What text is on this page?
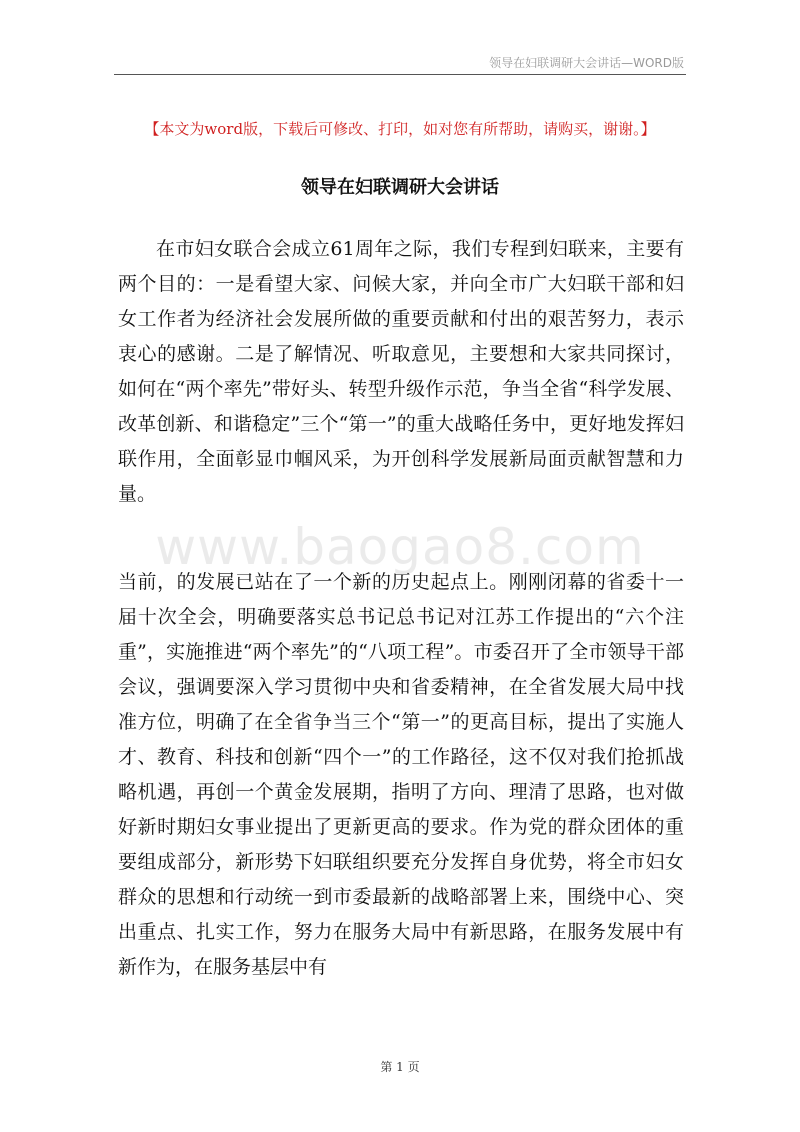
领导在妇联调研大会讲话—WORD版
【本文为word版，下载后可修改、打印，如对您有所帮助，请购买，谢谢。】
领导在妇联调研大会讲话
www.baogao8.com

在市妇女联合会成立61周年之际，我们专程到妇联来，主要有两个目的：一是看望大家、问候大家，并向全市广大妇联干部和妇女工作者为经济社会发展所做的重要贡献和付出的艰苦努力，表示衷心的感谢。二是了解情况、听取意见，主要想和大家共同探讨，如何在“两个率先”带好头、转型升级作示范，争当全省“科学发展、改革创新、和谐稳定”三个“第一”的重大战略任务中，更好地发挥妇联作用，全面彰显巾帼风采，为开创科学发展新局面贡献智慧和力量。

当前，的发展已站在了一个新的历史起点上。刚刚闭幕的省委十一届十次全会，明确要落实总书记总书记对江苏工作提出的“六个注重”，实施推进“两个率先”的“八项工程”。市委召开了全市领导干部会议，强调要深入学习贯彻中央和省委精神，在全省发展大局中找准方位，明确了在全省争当三个“第一”的更高目标，提出了实施人才、教育、科技和创新“四个一”的工作路径，这不仅对我们抢抓战略机遇，再创一个黄金发展期，指明了方向、理清了思路，也对做好新时期妇女事业提出了更新更高的要求。作为党的群众团体的重要组成部分，新形势下妇联组织要充分发挥自身优势，将全市妇女群众的思想和行动统一到市委最新的战略部署上来，围绕中心、突出重点、扎实工作，努力在服务大局中有新思路，在服务发展中有新作为，在服务基层中有

第 1 页
